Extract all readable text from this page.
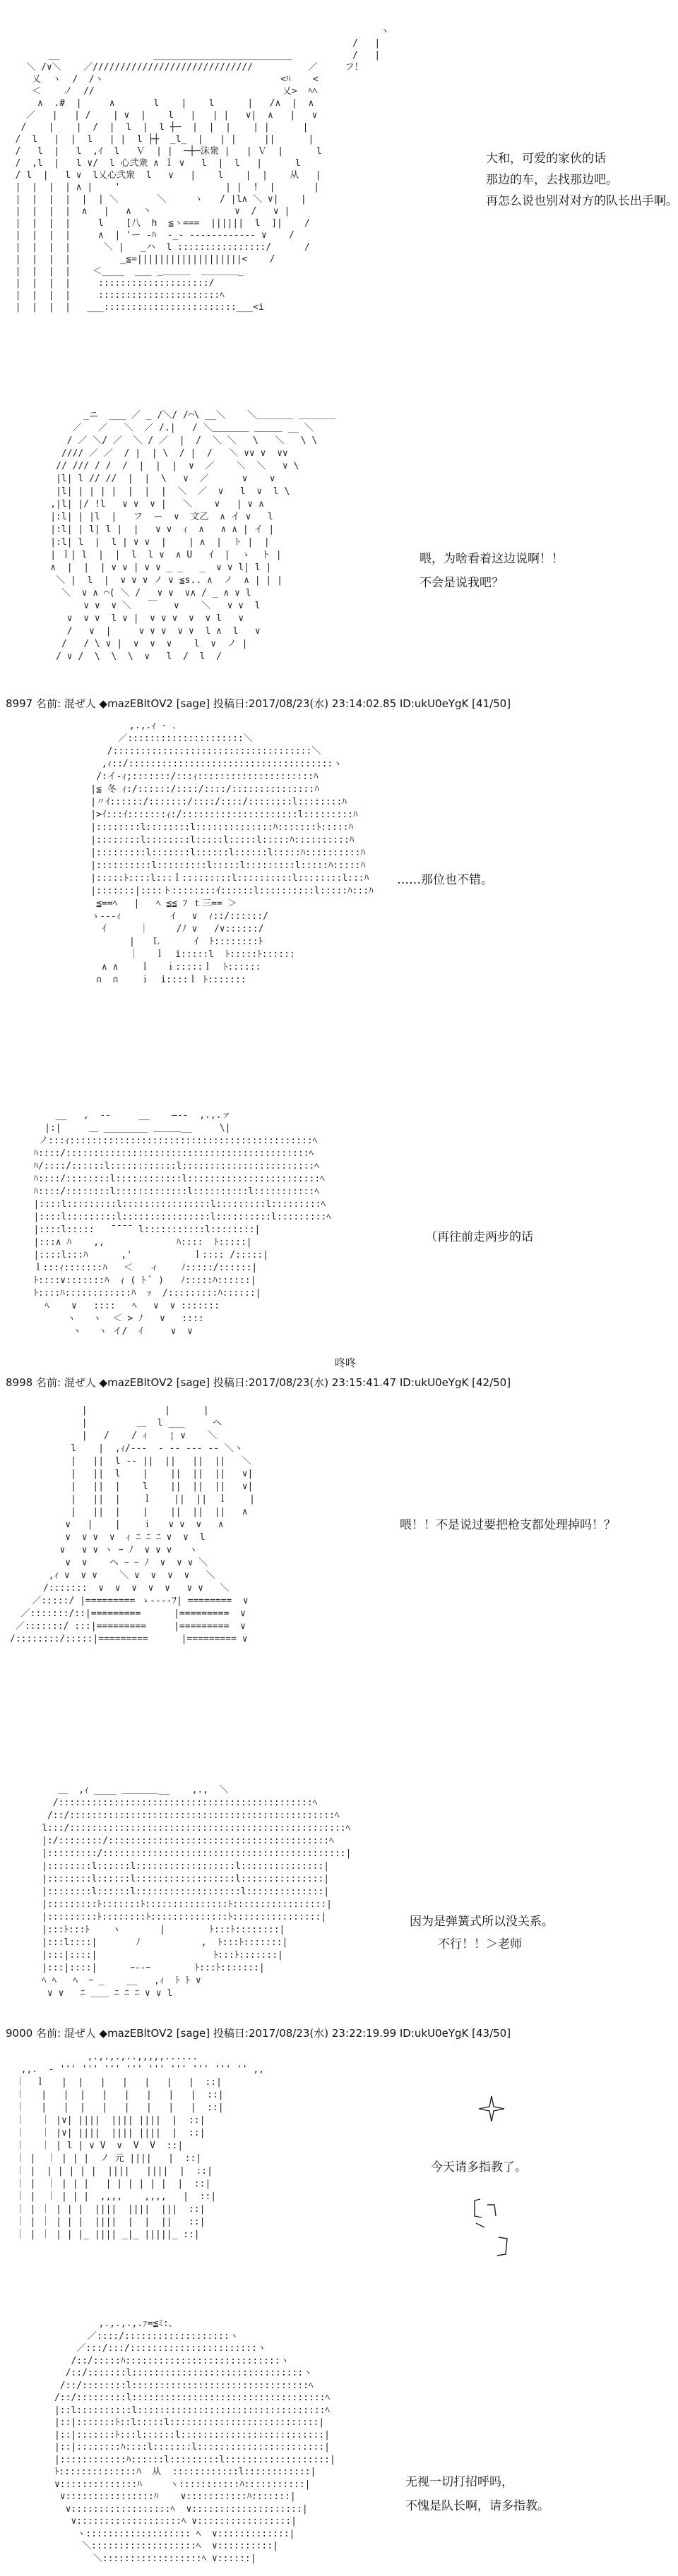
ヽ
/   |
__                 _________________________           /   |
＼ /∨＼    ／/////////////////////////////          ／     フ！
乂  ヽ  /  /ヽ                                <ﾊ    <
＜    ノ  //                                  乂>  ﾍﾍ
∧  .#  |     ∧       l    |    l      |   /∧  |  ∧
／   |   | /    | ∨  |    l   |   | |   ∨|  ∧   |   ∨
/    |    |  /  |  l  |  l ┼─  |  |  |    | |      |
/  l   |  |  l   | |  l ├┼  _l_  |   | |     ||      |
/   l  |   l  ,ｲ  l   Ｖ  | |  ─┼─沫衆 |   | Ｖ  |      l
/  ,l  |   l ∨/  l 心弐衆 ∧ ｌ ∨   l  |  l   |      l
/ l  |   l ∨  l乂心弐衆  l   ∨   |    l    |  |    从   |
|  |  |  | ∧ |    '                   | |  !  |       |
|  |  |  |  |  | ＼       ＼     ヽ   / |l∧ ＼ ∨|    |
|  |  |  |  ∧   |   ∧  丶               ∨  /   ∨ |
|  |  |  |     l    [八  h  ≦ヽ===  ||||||  l  ]|    /
|  |  |  |     ∧  | 'ー -ﾊ  -_- ------------ ∨    /
|  |  |  |      ＼ |   _ハ  l ::::::::::::::::/      /
|  |  |  |         _≦=|||||||||||||||||||<    /
|  |  |  |    ＜____  ___ _＿＿＿  ＿＿＿＿_
|  |  |  |     ::::::::::::::::::::/
|  |  |  |     ::::::::::::::::::::::ﾍ
|  |  |  |   ___::::::::::::::::::::::::___<i

大和，可爱的家伙的话

那边的车，去找那边吧。

再怎么说也别对对方的队长出手啊。

_ニ  ___ ／ _ /＼/ /⌒\ __＼    ＼＿＿＿＿ ＿＿＿＿
／   ／   ＼  ／ /.|   / ＼＿＿＿＿ ＿＿＿ __ ＼
/ ／ ＼/ ／  ＼ / ／  |  /  ＼ ＼   \   ＼   \ \
//// ／ ／  / |  | \  / |  /   ＼ ∨∨ ∨  ∨∨
// /// / /  /  |  |  |  ∨  ／    ＼  ＼   ∨ \
|l| l // //  |  |  \   ∨  ／      ∨    ∨
|l| | | | |  |  |  |  ＼  ／  ∨   l  ∨  l \
,|l| |/ !l   ∨ ∨  ∨ |   ＼    ∨   | ∨ ∧
|:l| | |l  |   フ  ー  ∨  文乙  ∧ イ ∨   l
|:l| | l| l |  |   ∨ ∨  ｨ  ∧   ∧ ∧ | イ |
|:l| l  |  l | ∨ ∨  |    | ∧  |  ト |  |
| ｌ| l  |  |  l  l ∨  ∧ U   ｲ  |  ゝ  ト |
∧  |  |  | ∨ ∨ | ∨ ∨ _ _   _  ∨ ∨ l| l |
＼ |  l  |  ∨ ∨ ∨ ノ ∨ ≦s.. ∧  ノ  ∧ | | |
＼  ∨ ∧ ⌒( ＼ /   ∨ ∨  ∨∧ / _ ∧ ∨ l
∨ ∨  ∨ ＼   ￣   ∨    ＼   ∨ ∨  l
∨  ∨ ∨  l ∨ |  ∨ ∨ ∨  ∨  ∨ l   ∨
/   ∨  |     ∨ ∨ ∨  ∨ ∨  l ∧  l   ∨
/   / \ ∨ |  ∨  ∨  ∨    l  ∨  ノ |
/ ∨ /  \  \  \  ∨   l  /  l  /

喂，为啥看着这边说啊！！

不会是说我吧？

8997 名前: 混ぜ人 ◆mazEBltOV2 [sage] 投稿日:2017/08/23(水) 23:14:02.85 ID:ukU0eYgK [41/50]
,.,.ｨ ‐ ､
／:::::::::::::::::::::＼
/::::::::::::::::::::::::::::::::::::＼
,ｨ::/:::::::::::::::::::::::::::::::::::::ヽ
/:イ‐ｨ;:::::::/:::ｨ:::::::::::::::::::::ﾊ
|≦ 冬 ｨ:/::::::/::::/::::/:::::::::::::::ﾊ
|〃ｲ::::::/:::::::/::::/::::/::::::::l::::::::ﾊ
|>ｲ:::ｲ:::::::ｨ:/:::::::::::::::::::::l:::::::::ﾊ
|::::::::l::::::::l::::::::::::::ﾊ:::::::ﾄ:::::ﾊ
|::::::::l::::::::l:::::l:::::l:::::ﾊ::::::::::ﾊ
|:::::::::l:::::::l::::::l::::::l:::::ﾊ::::::::::ﾊ
|::::::::::l:::::::::l:::::l:::::::::l:::::ﾊ:::::ﾊ
|:::::ﾄ::::l:::ｌ:::::::::l::::::::::l::::::::l:::ﾊ
|:::::::|::::ト::::::::ｲ::::::l::::::::::l:::::ﾊ:::ﾊ
≦==ﾍ   |   ﾍ ≦≦ ﾌ ｔ三== ＞
ゝ---ｨ         ｲ   ∨  ｨ::/::::::/
ｲ      ｜     /ﾉ ∨   /∨::::::/
|   Ｌ      ｲ  ﾄ::::::::ﾄ
｜   ｌ  i:::::l  ﾄ:::::ﾄ::::::
∧ ∧    ｌ   ｉ:::::ｌ  ﾄ::::::
∩  ∩    ｉ  i::::ｌ ﾄ:::::::

……那位也不错。

__   ,  ‐‐     __    ―‐‐  ,.,.ァ
|:|     ＿ ________ ＿＿＿__     \|
ノ:::ｨ::::::::::::::::::::::::::::::::::::::::::::ﾍ
ﾊ::::/::::::::::::::::::::::::::::::::::::::::::::ﾍ
ﾊ/::::/::::::l::::::::::::l::::::::::::::::::::::::ﾍ
ﾊ::::/::::::::l::::::::::::l::::::::::::::::::::::::ﾍ
ﾊ::::/::::::::l:::::::::::::l::::::::::l:::::::::::ﾍ
|::::l:::::::::l::::::::::::::::l:::::::::l:::::::::ﾍ
|::::l:::::::::l::::::::::::::::l::::::::::l:::::::::ﾍ
|::::l:::::   ̄ ̄ ̄ ̄  l:::::::::::l::::::::|
|:::∧ ﾊ    ,,             ﾊ::::  ﾄ:::::|
|::::l:::ﾊ      ,'           ｌ:::: /:::::|
ｌ:::ｨ:::::::ﾊ   ＜   ィ    ﾉ:::::/::::::|
ﾄ::::∨:::::::ﾊ  ｨ ( ﾄ ﾞ )   ﾉ:::::ﾊ::::::|
ﾄ::::ﾊ::::::::::::ﾊ  ｯ  /:::::::::ﾊ::::::|
ﾍ    ∨   ::::   ﾍ   ∨  ∨ :::::::
ヽ   ヽ  ＜ > ﾉ   ∨   ::::
ヽ   ヽ イ/  ｲ     ∨  ∨

（再往前走两步的话

咚咚
8998 名前: 混ぜ人 ◆mazEBltOV2 [sage] 投稿日:2017/08/23(水) 23:15:41.47 ID:ukU0eYgK [42/50]
|              |      |
|         ＿  l ___     ヘ
|   /    / ｨ    ¦ ∨    ＼
l    |  ,ｨ/‐--  - -- --- -- ＼ヽ
|   ||  l ‐- ||  ||   ||  ||   ＼
|   ||  l    |    ||  ||  ||   ∨|
|   ||  |    l    ||  ||  ||   ∨|
|   ||  |    ｌ    ||  ||  ｌ    |
|   ||  |    |    ||  ||  ||   ∧
∨   |    |    ｉ   ∨ ∨  ∨   ∧
∨  ∨ ∨  ∨  ｨ ﾆ ﾆ ﾆ ∨  ∨  l
∨   ∨ ∨ ヽ ｰ ﾉ  ∨ ∨ ∨   ヽ
∨  ∨    ヘ ｰ ｰ ﾉ  ∨  ∨ ∨ ＼
,ｨ ∨  ∨ ∨    ＼ ∨  ∨  ∨  ∨   ＼
/:::::::  ∨  ∨  ∨  ∨  ∨   ∨ ∨   ＼
／:::::/ |========= ゝ----ﾌ| ========  ∨
／:::::::/::|=========      |=========  ∨
／:::::::/ :::|=========     |=========  ∨
/::::::::/:::::|=========      |========= ∨

喂！！不是说过要把枪支都处理掉吗！？

＿  ,ｨ ____ ＿＿＿＿__    ,.,  ＼
/::::::::::::::::::::::::::::::::::::::::::::::ﾍ
/::/::::::::::::::::::::::::::::::::::::::::::::::::ﾍ
l:::/::::::::::::::::::::::::::::::::::::::::::::::::::ﾍ
|:/::::::::/::::::::::::::::::::::::::::::::::::::::ﾍ
|:::::::::/::::::::::::::::::::::::::::::::::::::::::::|
|::::::::l::::::l::::::::::::::::::l:::::::::::::::|
|::::::::l::::::l::::::::::::::::::l:::::::::::::::|
|::::::::l::::::l:::::::::::::::::::l::::::::::::::|
|:::::::::ﾄ:::::::ﾄ:::::::::::::::ﾄ:::::::::::::::::|
|:::::::::ﾄ::::::::ﾄ::::::::::::::ﾄ::::::::::::::::|
|:::ﾄ:::ﾄ    ヽ       |        ﾄ:::ﾄ::::::::|
|:::l::::|       ﾉ           ,  ﾄ:::ﾄ:::::::|
|:::|::::|                     ﾄ:::ﾄ:::::::|
|:::|::::|      ｰ-‐ｰ        ﾄ:::ﾄ:::::::|
ﾍ ﾍ   ﾍ  ｰ _    __   ,ｨ  ﾄ ﾄ ∨
∨ ∨   ﾆ ＿＿ ﾆ ﾆ ﾆ ∨ ∨ l

因为是弹簧式所以没关系。

不行！！＞老师

9000 名前: 混ぜ人 ◆mazEBltOV2 [sage] 投稿日:2017/08/23(水) 23:22:19.99 ID:ukU0eYgK [43/50]
,.,.,.,..,,,,,......
,,.  ‐ ''' ''' ''' ''' ''' ''' ''' ''' '' ,,
｜  ｌ   |  |   |   |   |   |   |  ::|
｜   |   |  |   |   |   |   |   |  ::|
｜   |   |  |   |   |   |   |   |  ::|
｜   ｜ |∨| ||||  |||| ||||  |  ::|
｜   ｜ |∨| ||||  |||| ||||  |  ::|
｜   ｜ | l | ∨ V  ∨  V  V  ::|
｜ |  ｜ | | |  ノ 元 ||||   |  ::|
｜ |  | | | | |  ||||   ||||  |  ::|
｜ |  ｜ | | |   | | | | | |  |  ::|
｜ |  ｜ | | |  ,,,,    ,,,,   |  ::|
｜ | ｜ | | |  ||||  ||||  |||  ::|
｜ | ｜ | | |  ||||  |  |  ||   ::|
｜ | ｜ | | |_ |||| _|_ |||||_ ::|

今天请多指教了。

,.,.,.,.ｧ=≦ﾐ:､
／::::/:::::::::::::::::::ヽ
／:::/:::/:::::::::::::::::::::::ヽ
/::/:::::ﾊ::::::::::::::::::::::::::::ヽ
/::/:::::::l:::::::::::::::::::::::::::::::ヽ
/::/::::::::l::::::::::::::::::::::::::::::::ﾍ
/::/:::::::::l:::::::::::::::::::::::::::::::::::ﾍ
|::l::::::::::l::::::::::::::::::::::::::::::::::ﾍ
|::|:::::::ﾄ::l:::::l:::::::::::::::::::::::::::|
|::|:::::::ﾄ:::l::::::l::::::::::::::::::::::::::|
|::|::::::::ﾊ::::l:::::::l:::::::::::::::::::::::|
|::::::::::::ﾊ::::::l:::::::::l:::::::::::::::::::|
ﾄ::::::::::::::ﾊ  从  ::::::::::::l::::::::::::|
∨::::::::::::::ﾊ     ヽ:::::::::::ﾊ:::::::::::|
∨::::::::::::::::ﾊ    ∨:::::::::::ﾊ:::::::|
∨::::::::::::::::::ﾍ  ∨::::::::::::::::::::|
∨:::::::::::::::::::ﾍ ∨:::::::::::::::::|
ヽ::::::::::::::::::: ﾍ  ∨:::::::::::::|
＼:::::::::::::::::::ﾍ  ∨::::::::::|
＼::::::::::::::::::ﾍ ∨::::::|

无视一切打招呼吗，

不愧是队长啊，请多指教。
